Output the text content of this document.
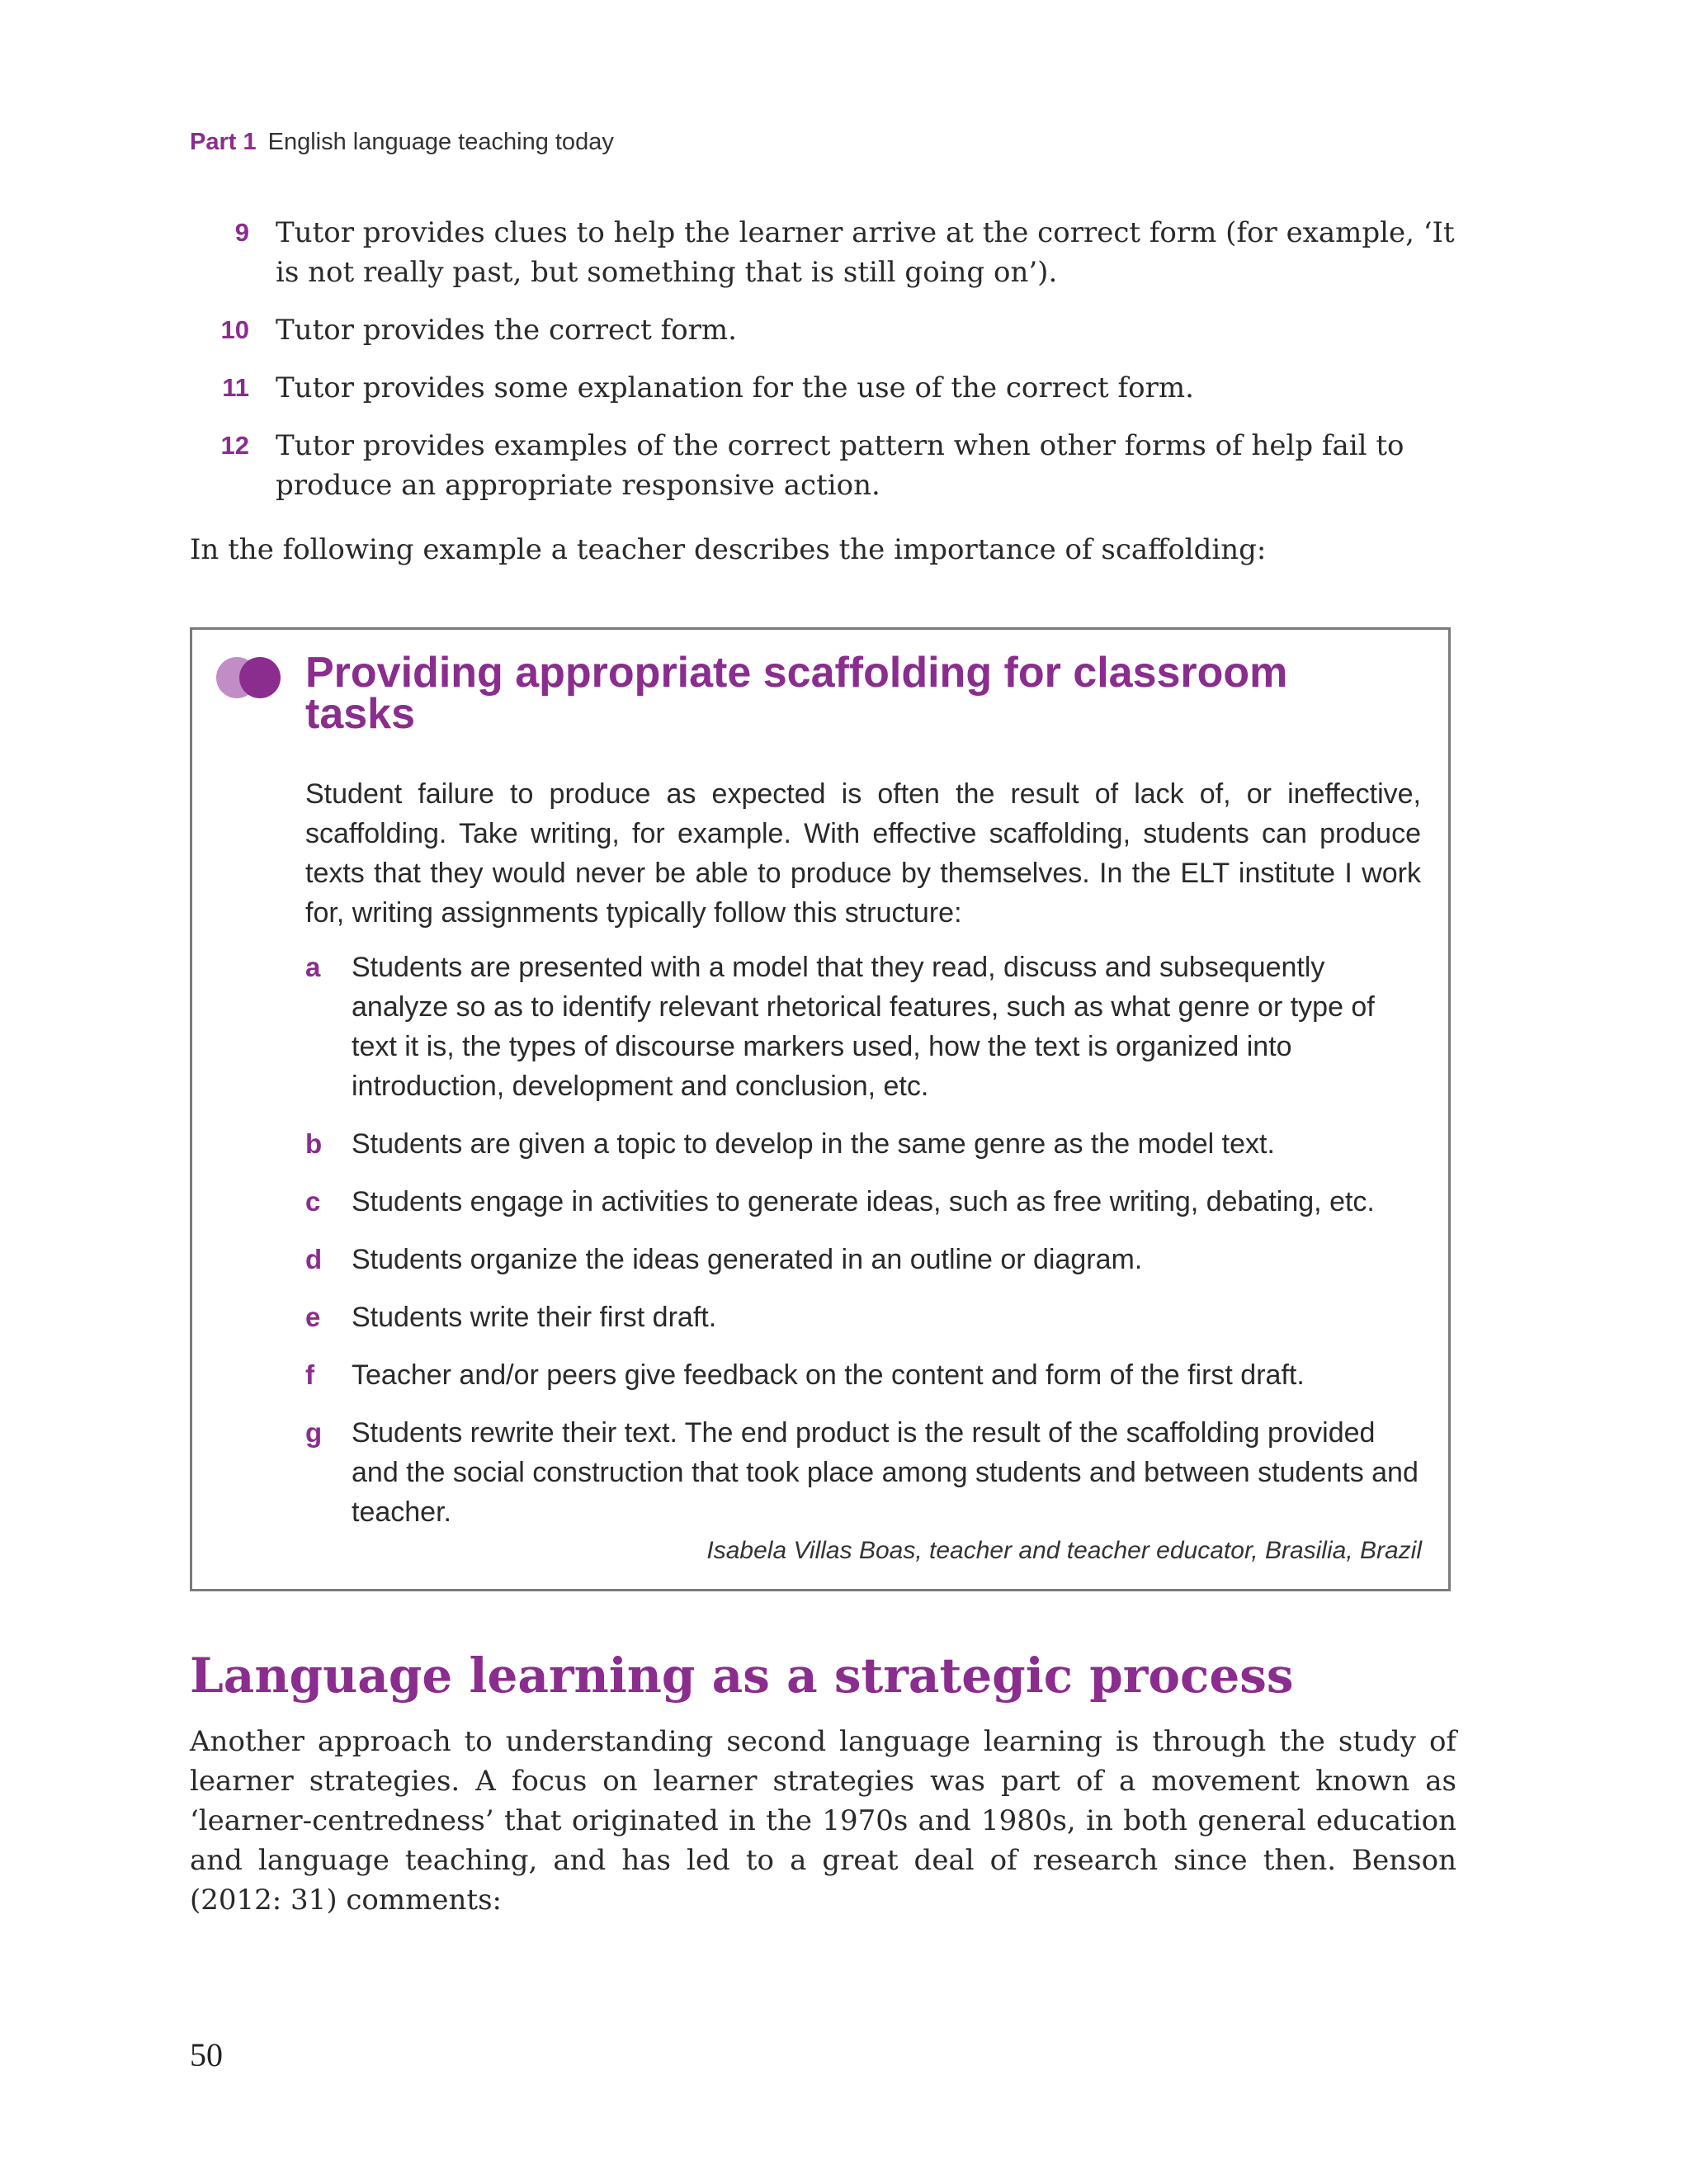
Part 1 English language teaching today
9 Tutor provides clues to help the learner arrive at the correct form (for example, ‘It is not really past, but something that is still going on’).
10 Tutor provides the correct form.
11 Tutor provides some explanation for the use of the correct form.
12 Tutor provides examples of the correct pattern when other forms of help fail to produce an appropriate responsive action.
In the following example a teacher describes the importance of scaffolding:
Providing appropriate scaffolding for classroom tasks
Student failure to produce as expected is often the result of lack of, or ineffective, scaffolding. Take writing, for example. With effective scaffolding, students can produce texts that they would never be able to produce by themselves. In the ELT institute I work for, writing assignments typically follow this structure:
a	Students are presented with a model that they read, discuss and subsequently analyze so as to identify relevant rhetorical features, such as what genre or type of text it is, the types of discourse markers used, how the text is organized into introduction, development and conclusion, etc.
b	Students are given a topic to develop in the same genre as the model text.
c	Students engage in activities to generate ideas, such as free writing, debating, etc.
d	Students organize the ideas generated in an outline or diagram.
e	Students write their first draft.
f	Teacher and/or peers give feedback on the content and form of the first draft.
g	Students rewrite their text. The end product is the result of the scaffolding provided and the social construction that took place among students and between students and teacher.
Isabela Villas Boas, teacher and teacher educator, Brasilia, Brazil
Language learning as a strategic process
Another approach to understanding second language learning is through the study of learner strategies. A focus on learner strategies was part of a movement known as ‘learner-centredness’ that originated in the 1970s and 1980s, in both general education and language teaching, and has led to a great deal of research since then. Benson (2012: 31) comments:
50
